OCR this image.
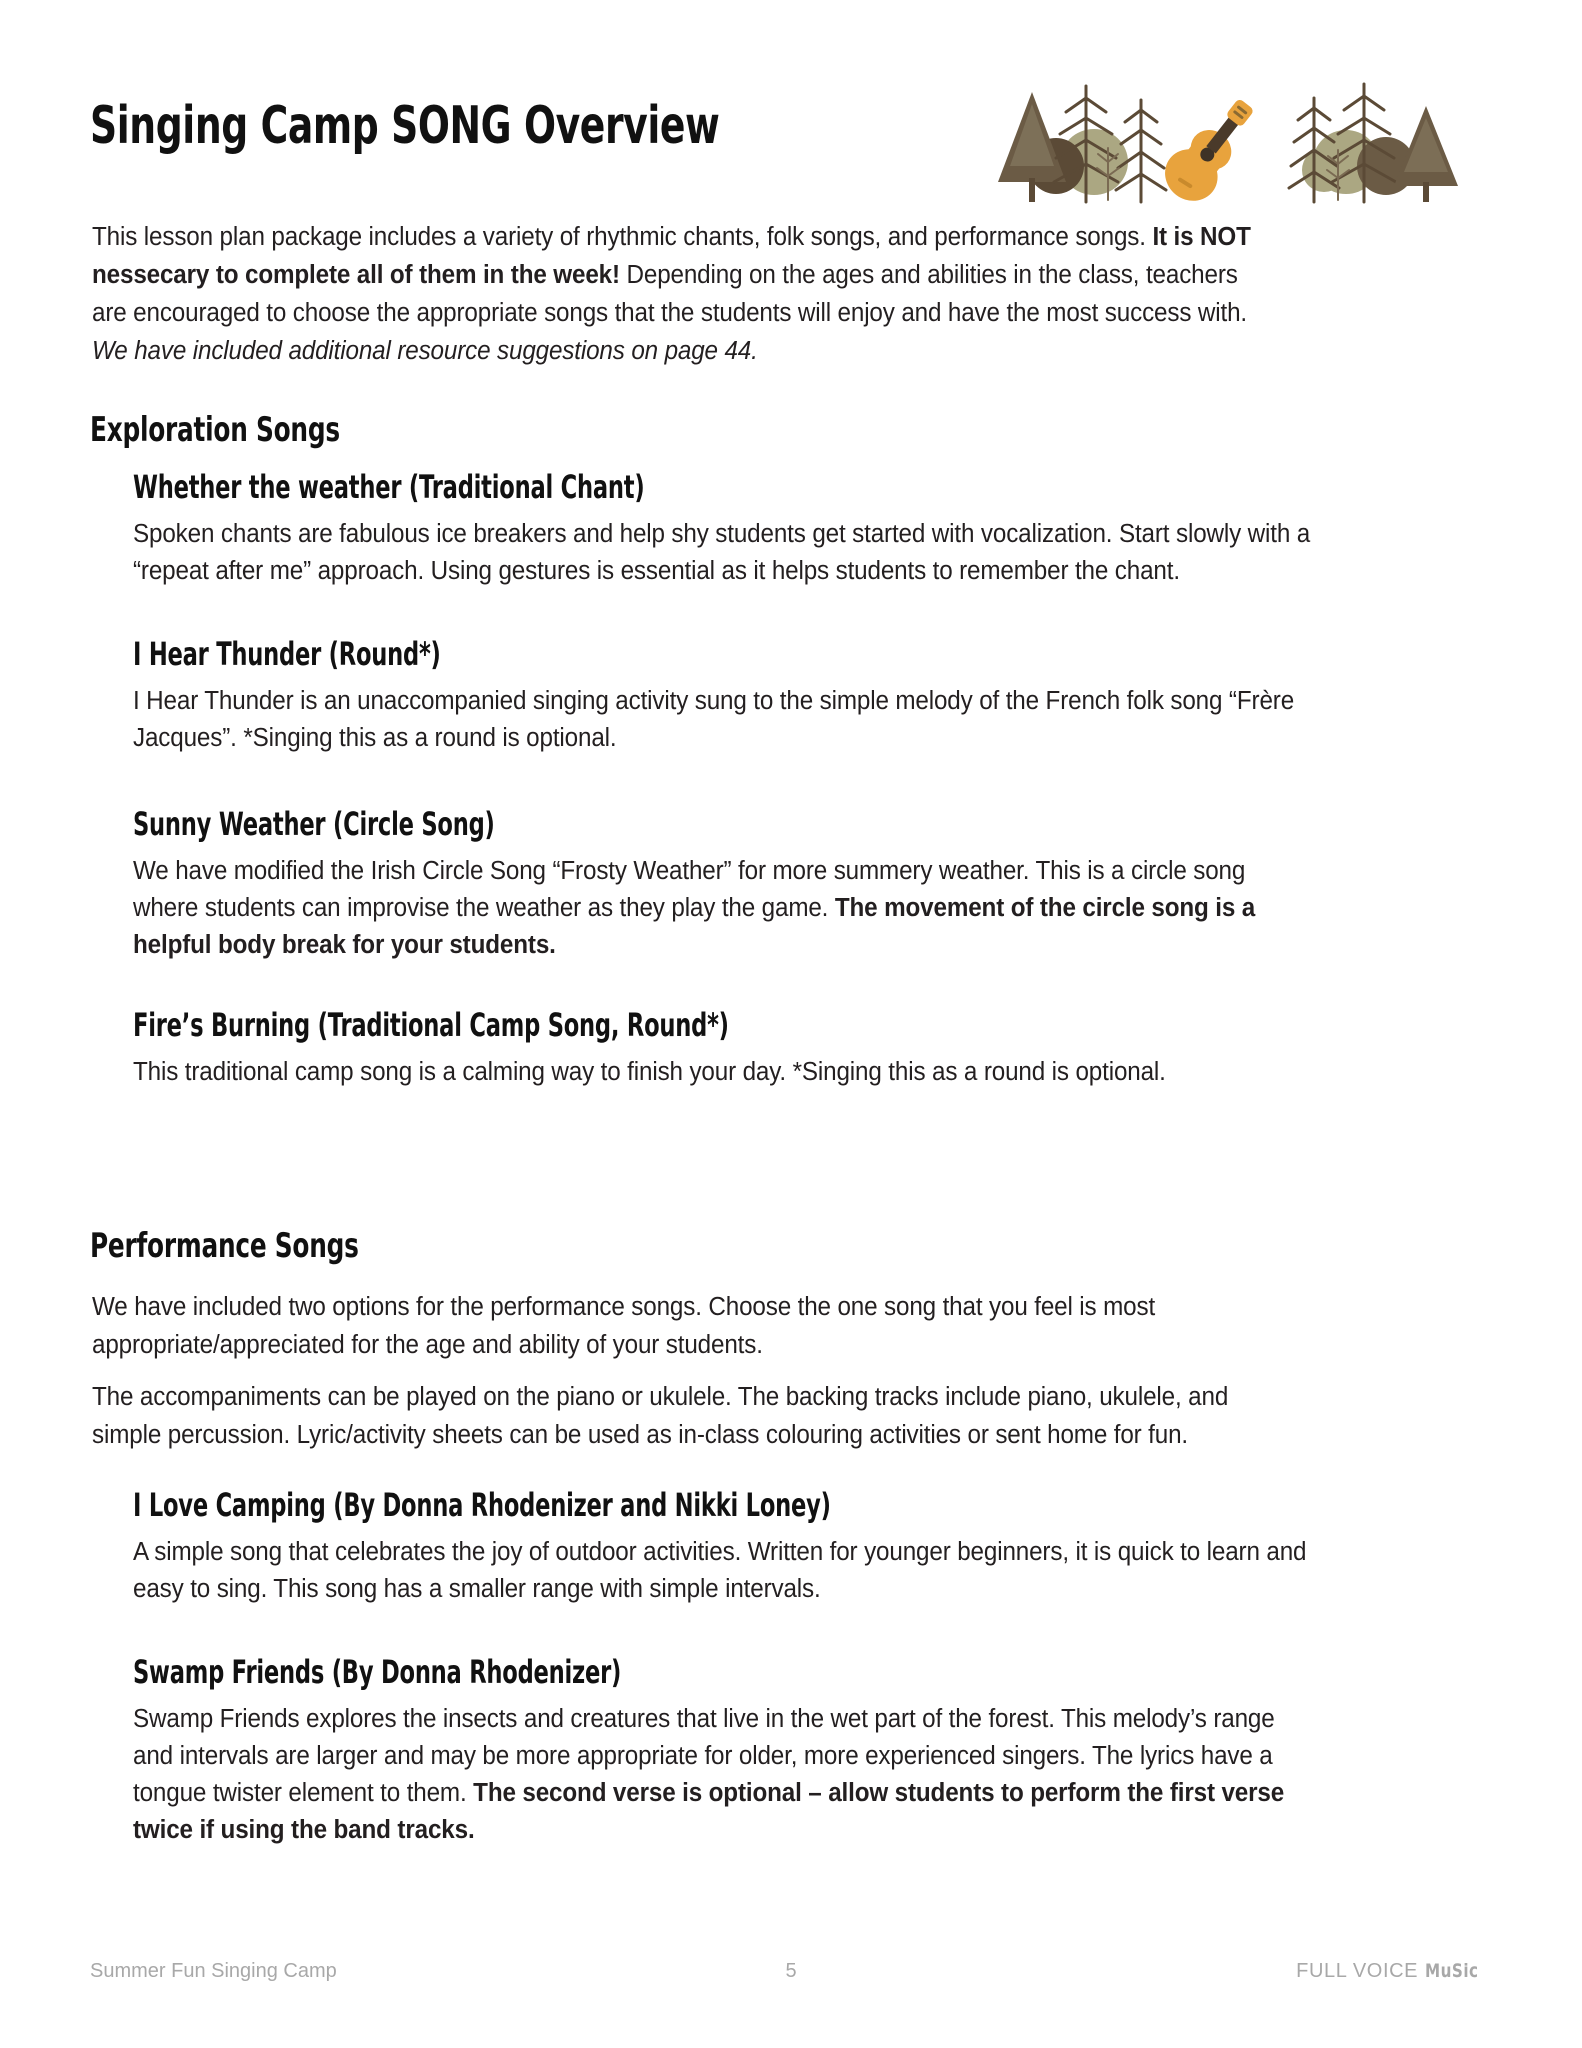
Singing Camp SONG Overview
This lesson plan package includes a variety of rhythmic chants, folk songs, and performance songs. It is NOT nessecary to complete all of them in the week! Depending on the ages and abilities in the class, teachers are encouraged to choose the appropriate songs that the students will enjoy and have the most success with. We have included additional resource suggestions on page 44.
Exploration Songs
Whether the weather (Traditional Chant)
Spoken chants are fabulous ice breakers and help shy students get started with vocalization. Start slowly with a “repeat after me” approach. Using gestures is essential as it helps students to remember the chant.
I Hear Thunder (Round*)
I Hear Thunder is an unaccompanied singing activity sung to the simple melody of the French folk song “Frère Jacques”. *Singing this as a round is optional.
Sunny Weather (Circle Song)
We have modified the Irish Circle Song “Frosty Weather” for more summery weather. This is a circle song where students can improvise the weather as they play the game. The movement of the circle song is a helpful body break for your students.
Fire’s Burning (Traditional Camp Song, Round*)
This traditional camp song is a calming way to finish your day. *Singing this as a round is optional.
Performance Songs

We have included two options for the performance songs. Choose the one song that you feel is most appropriate/appreciated for the age and ability of your students.

The accompaniments can be played on the piano or ukulele. The backing tracks include piano, ukulele, and simple percussion. Lyric/activity sheets can be used as in-class colouring activities or sent home for fun.

I Love Camping (By Donna Rhodenizer and Nikki Loney)
A simple song that celebrates the joy of outdoor activities. Written for younger beginners, it is quick to learn and easy to sing. This song has a smaller range with simple intervals.
Swamp Friends (By Donna Rhodenizer)
Swamp Friends explores the insects and creatures that live in the wet part of the forest. This melody’s range and intervals are larger and may be more appropriate for older, more experienced singers. The lyrics have a tongue twister element to them. The second verse is optional – allow students to perform the first verse twice if using the band tracks.
Summer Fun Singing Camp	5	FULL VOICE MuSic
